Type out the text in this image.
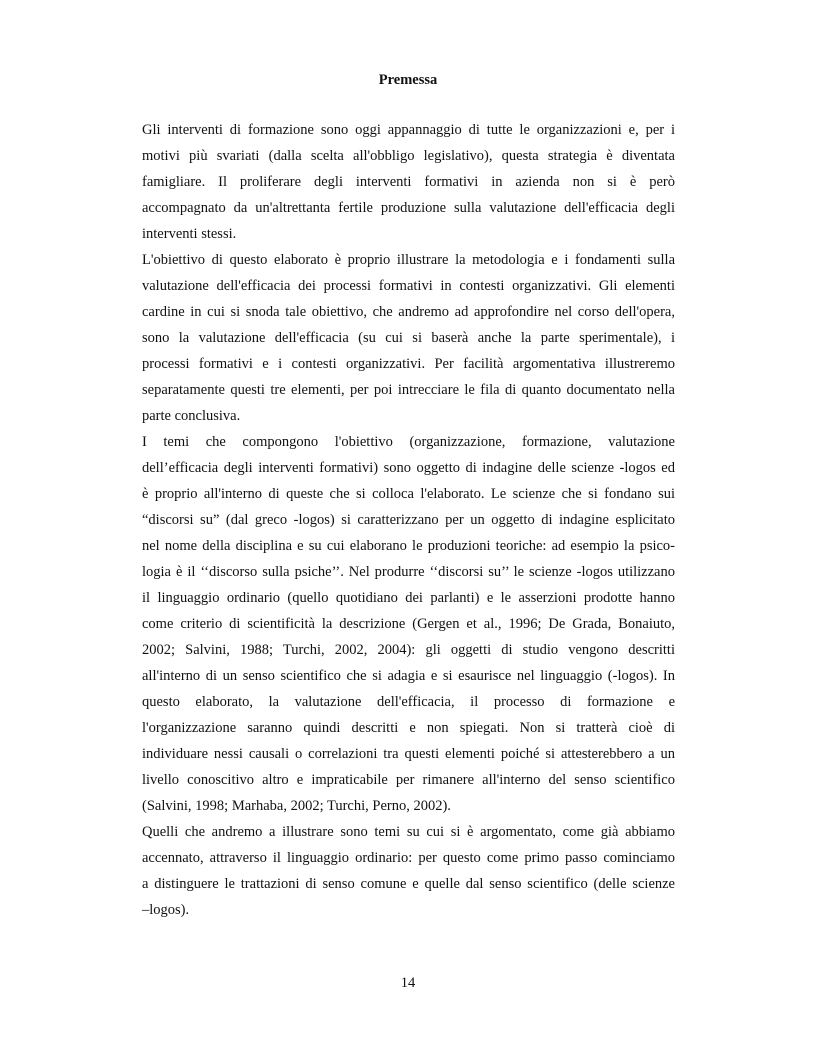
Premessa
Gli interventi di formazione sono oggi appannaggio di tutte le organizzazioni e, per i
motivi più svariati (dalla scelta all'obbligo legislativo), questa strategia è diventata
famigliare. Il proliferare degli interventi formativi in azienda non si è però
accompagnato da un'altrettanta fertile produzione sulla valutazione dell'efficacia degli
interventi stessi.
L'obiettivo di questo elaborato è proprio illustrare la metodologia e i fondamenti sulla
valutazione dell'efficacia dei processi formativi in contesti organizzativi. Gli elementi
cardine in cui si snoda tale obiettivo, che andremo ad approfondire nel corso dell'opera,
sono la valutazione dell'efficacia (su cui si baserà anche la parte sperimentale), i
processi formativi e i contesti organizzativi. Per facilità argomentativa illustreremo
separatamente questi tre elementi, per poi intrecciare le fila di quanto documentato nella
parte conclusiva.
I temi che compongono l'obiettivo (organizzazione, formazione, valutazione
dell’efficacia degli interventi formativi) sono oggetto di indagine delle scienze -logos ed
è proprio all'interno di queste che si colloca l'elaborato. Le scienze che si fondano sui
“discorsi su” (dal greco -logos) si caratterizzano per un oggetto di indagine esplicitato
nel nome della disciplina e su cui elaborano le produzioni teoriche: ad esempio la psico-
logia è il ‘‘discorso sulla psiche’’. Nel produrre ‘‘discorsi su’’ le scienze -logos utilizzano
il linguaggio ordinario (quello quotidiano dei parlanti) e le asserzioni prodotte hanno
come criterio di scientificità la descrizione (Gergen et al., 1996; De Grada, Bonaiuto,
2002; Salvini, 1988; Turchi, 2002, 2004): gli oggetti di studio vengono descritti
all'interno di un senso scientifico che si adagia e si esaurisce nel linguaggio (-logos). In
questo elaborato, la valutazione dell'efficacia, il processo di formazione e
l'organizzazione saranno quindi descritti e non spiegati. Non si tratterà cioè di
individuare nessi causali o correlazioni tra questi elementi poiché si attesterebbero a un
livello conoscitivo altro e impraticabile per rimanere all'interno del senso scientifico
(Salvini, 1998; Marhaba, 2002; Turchi, Perno, 2002).
Quelli che andremo a illustrare sono temi su cui si è argomentato, come già abbiamo
accennato, attraverso il linguaggio ordinario: per questo come primo passo cominciamo
a distinguere le trattazioni di senso comune e quelle dal senso scientifico (delle scienze
–logos).
14
